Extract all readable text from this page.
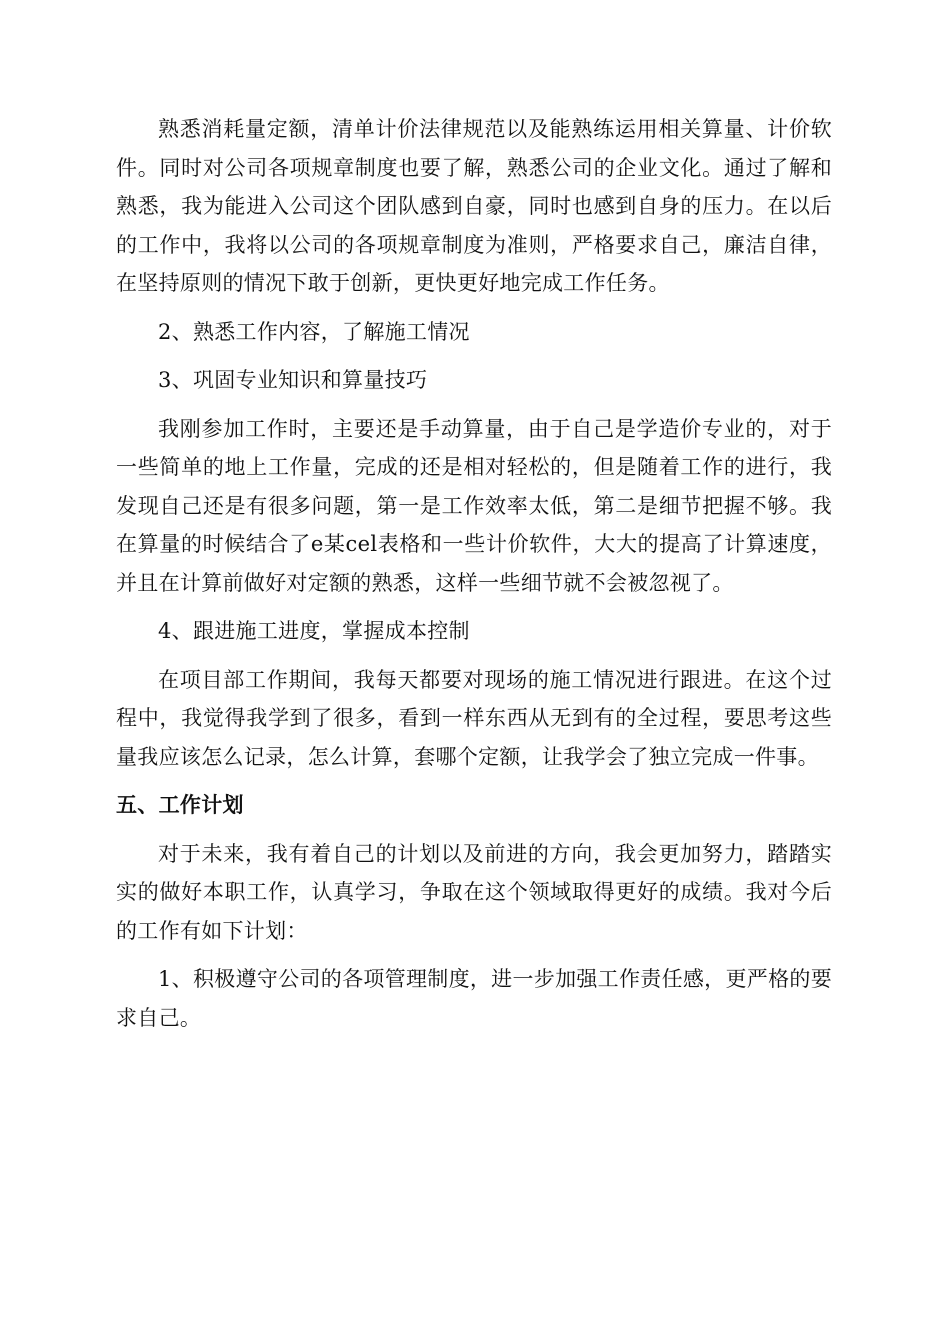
熟悉消耗量定额，清单计价法律规范以及能熟练运用相关算量、计价软件。同时对公司各项规章制度也要了解，熟悉公司的企业文化。通过了解和熟悉，我为能进入公司这个团队感到自豪，同时也感到自身的压力。在以后的工作中，我将以公司的各项规章制度为准则，严格要求自己，廉洁自律，在坚持原则的情况下敢于创新，更快更好地完成工作任务。

2、熟悉工作内容，了解施工情况

3、巩固专业知识和算量技巧

我刚参加工作时，主要还是手动算量，由于自己是学造价专业的，对于一些简单的地上工作量，完成的还是相对轻松的，但是随着工作的进行，我发现自己还是有很多问题，第一是工作效率太低，第二是细节把握不够。我在算量的时候结合了e某cel表格和一些计价软件，大大的提高了计算速度，并且在计算前做好对定额的熟悉，这样一些细节就不会被忽视了。

4、跟进施工进度，掌握成本控制

在项目部工作期间，我每天都要对现场的施工情况进行跟进。在这个过程中，我觉得我学到了很多，看到一样东西从无到有的全过程，要思考这些量我应该怎么记录，怎么计算，套哪个定额，让我学会了独立完成一件事。

五、工作计划

对于未来，我有着自己的计划以及前进的方向，我会更加努力，踏踏实实的做好本职工作，认真学习，争取在这个领域取得更好的成绩。我对今后的工作有如下计划：

1、积极遵守公司的各项管理制度，进一步加强工作责任感，更严格的要求自己。
